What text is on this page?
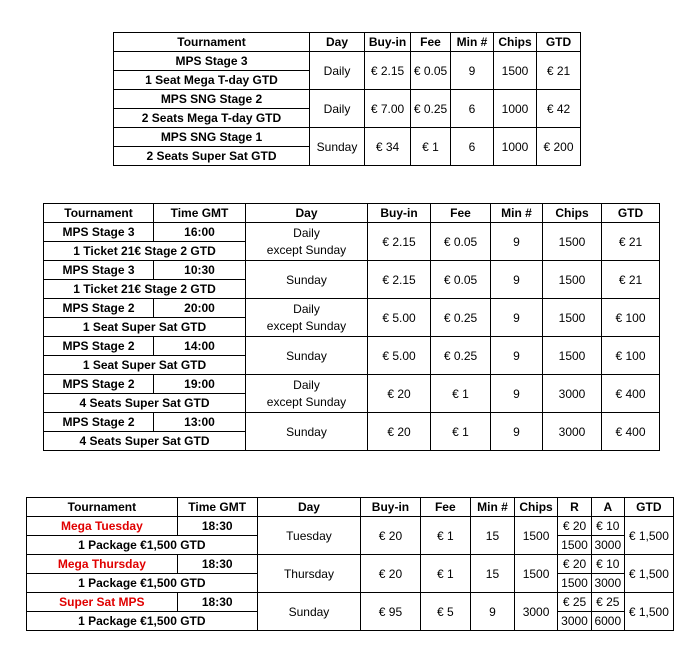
Tournament	Day	Buy-in	Fee	Min #	Chips	GTD
MPS Stage 3	Daily	€ 2.15	€ 0.05	9	1500	€ 21
1 Seat Mega T-day GTD						
MPS SNG Stage 2	Daily	€ 7.00	€ 0.25	6	1000	€ 42
2 Seats Mega T-day GTD						
MPS SNG Stage 1	Sunday	€ 34	€ 1	6	1000	€ 200
2 Seats Super Sat GTD						
Tournament	Time GMT	Day	Buy-in	Fee	Min #	Chips	GTD
MPS Stage 3	16:00	Daily
except Sunday	€ 2.15	€ 0.05	9	1500	€ 21
1 Ticket 21€ Stage 2 GTD							
MPS Stage 3	10:30	Sunday	€ 2.15	€ 0.05	9	1500	€ 21
1 Ticket 21€ Stage 2 GTD							
MPS Stage 2	20:00	Daily
except Sunday	€ 5.00	€ 0.25	9	1500	€ 100
1 Seat Super Sat GTD							
MPS Stage 2	14:00	Sunday	€ 5.00	€ 0.25	9	1500	€ 100
1 Seat Super Sat GTD							
MPS Stage 2	19:00	Daily
except Sunday	€ 20	€ 1	9	3000	€ 400
4 Seats Super Sat GTD							
MPS Stage 2	13:00	Sunday	€ 20	€ 1	9	3000	€ 400
4 Seats Super Sat GTD							
Tournament	Time GMT	Day	Buy-in	Fee	Min #	Chips	R	A	GTD
Mega Tuesday	18:30	Tuesday	€ 20	€ 1	15	1500	€ 20	€ 10	€ 1,500
1 Package €1,500 GTD							1500	3000	
Mega Thursday	18:30	Thursday	€ 20	€ 1	15	1500	€ 20	€ 10	€ 1,500
1 Package €1,500 GTD							1500	3000	
Super Sat MPS	18:30	Sunday	€ 95	€ 5	9	3000	€ 25	€ 25	€ 1,500
1 Package €1,500 GTD							3000	6000	
